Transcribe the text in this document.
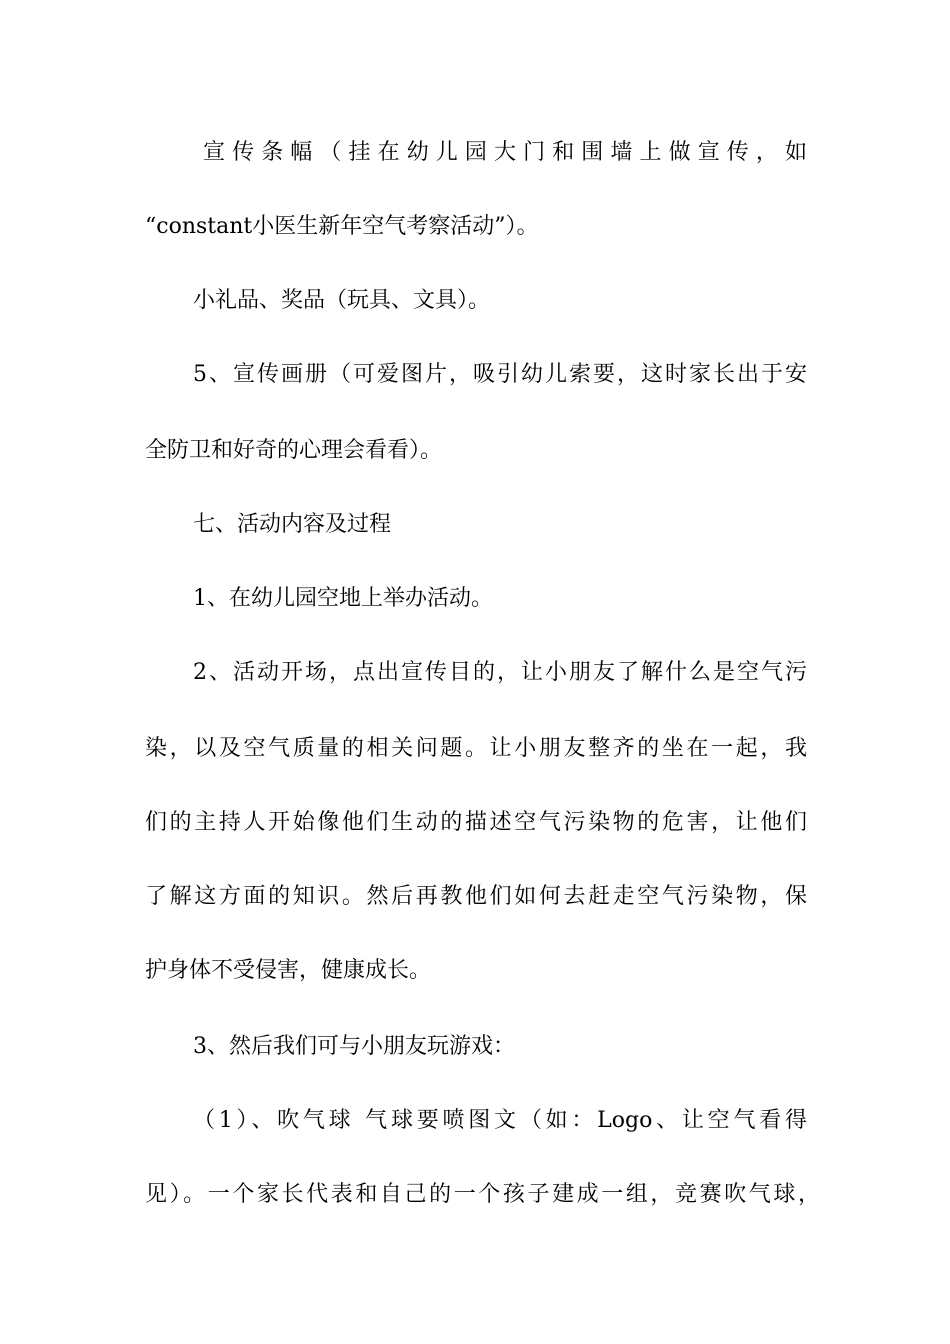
宣传条幅（挂在幼儿园大门和围墙上做宣传，如
“constant小医生新年空气考察活动”）。
小礼品、奖品（玩具、文具）。
5、宣传画册（可爱图片，吸引幼儿索要，这时家长出于安
全防卫和好奇的心理会看看）。
七、活动内容及过程
1、在幼儿园空地上举办活动。
2、活动开场，点出宣传目的，让小朋友了解什么是空气污
染，以及空气质量的相关问题。让小朋友整齐的坐在一起，我
们的主持人开始像他们生动的描述空气污染物的危害，让他们
了解这方面的知识。然后再教他们如何去赶走空气污染物，保
护身体不受侵害，健康成长。
3、然后我们可与小朋友玩游戏：
（1）、吹气球 气球要喷图文（如：Logo、让空气看得
见）。一个家长代表和自己的一个孩子建成一组，竞赛吹气球，
